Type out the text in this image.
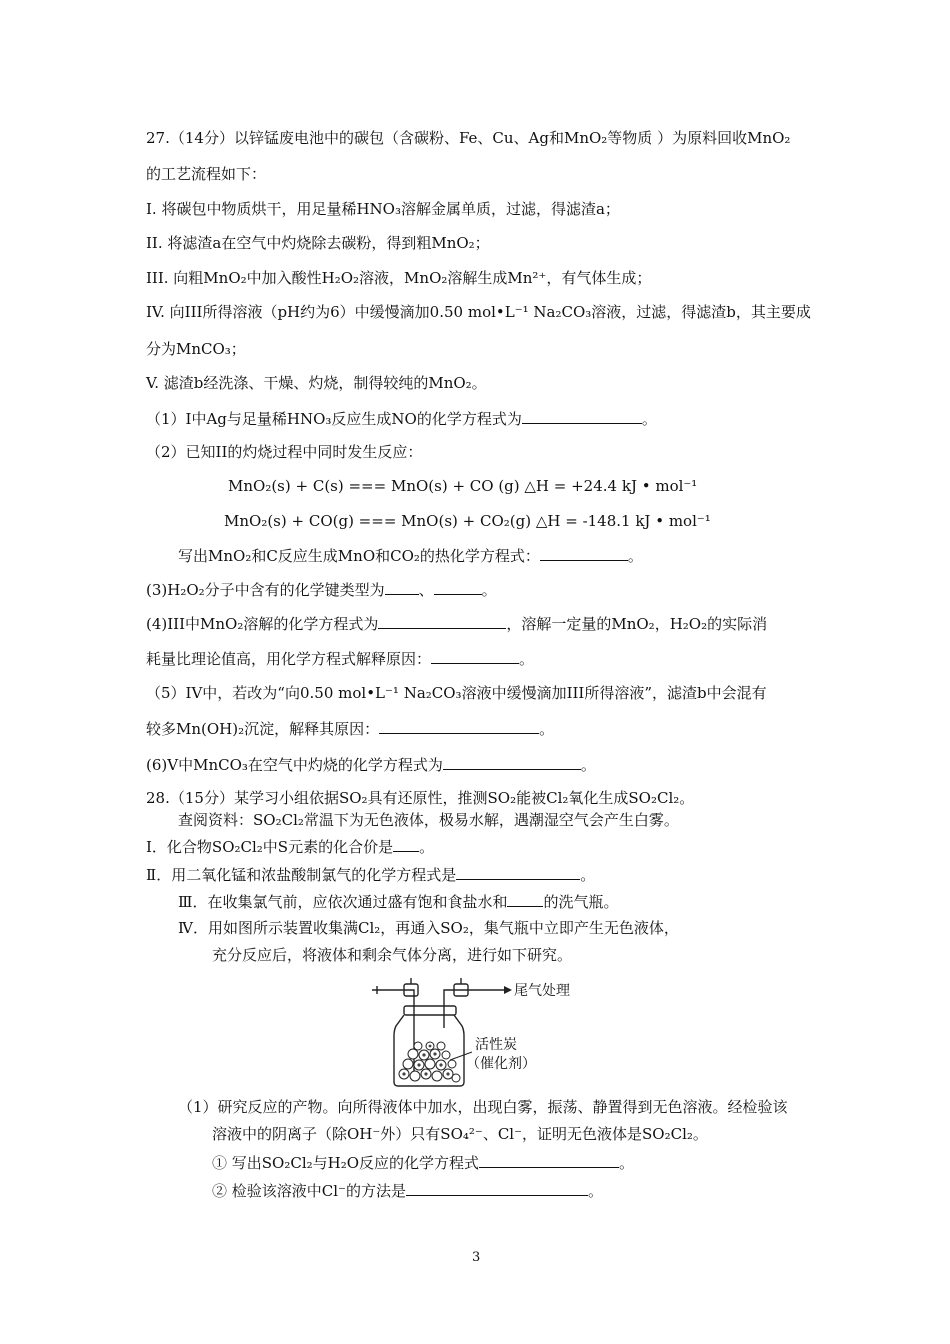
27.（14分）以锌锰废电池中的碳包（含碳粉、Fe、Cu、Ag和MnO₂等物质 ）为原料回收MnO₂
的工艺流程如下：
I. 将碳包中物质烘干，用足量稀HNO₃溶解金属单质，过滤，得滤渣a；
II. 将滤渣a在空气中灼烧除去碳粉，得到粗MnO₂；
III. 向粗MnO₂中加入酸性H₂O₂溶液，MnO₂溶解生成Mn²⁺，有气体生成；
IV. 向III所得溶液（pH约为6）中缓慢滴加0.50 mol•L⁻¹ Na₂CO₃溶液，过滤，得滤渣b，其主要成
分为MnCO₃；
V. 滤渣b经洗涤、干燥、灼烧，制得较纯的MnO₂。
（1）I中Ag与足量稀HNO₃反应生成NO的化学方程式为	。
（2）已知II的灼烧过程中同时发生反应：
MnO₂(s) + C(s) === MnO(s) + CO (g) △H = +24.4 kJ • mol⁻¹
MnO₂(s) + CO(g) === MnO(s) + CO₂(g) △H = -148.1 kJ • mol⁻¹
写出MnO₂和C反应生成MnO和CO₂的热化学方程式：	。
(3)H₂O₂分子中含有的化学键类型为 、	。
(4)III中MnO₂溶解的化学方程式为	，溶解一定量的MnO₂，H₂O₂的实际消
耗量比理论值高，用化学方程式解释原因：	。
（5）IV中，若改为“向0.50 mol•L⁻¹ Na₂CO₃溶液中缓慢滴加III所得溶液”，滤渣b中会混有
较多Mn(OH)₂沉淀，解释其原因：	。
(6)V中MnCO₃在空气中灼烧的化学方程式为	。
28.（15分）某学习小组依据SO₂具有还原性，推测SO₂能被Cl₂氧化生成SO₂Cl₂。
查阅资料：SO₂Cl₂常温下为无色液体，极易水解，遇潮湿空气会产生白雾。
I．化合物SO₂Cl₂中S元素的化合价是 。
Ⅱ．用二氧化锰和浓盐酸制氯气的化学方程式是	。
Ⅲ．在收集氯气前，应依次通过盛有饱和食盐水和 的洗气瓶。
Ⅳ．用如图所示装置收集满Cl₂，再通入SO₂，集气瓶中立即产生无色液体，
充分反应后，将液体和剩余气体分离，进行如下研究。
尾气处理
活性炭
（催化剂）
（1）研究反应的产物。向所得液体中加水，出现白雾，振荡、静置得到无色溶液。经检验该
溶液中的阴离子（除OH⁻外）只有SO₄²⁻、Cl⁻，证明无色液体是SO₂Cl₂。
① 写出SO₂Cl₂与H₂O反应的化学方程式	。
② 检验该溶液中Cl⁻的方法是	。
3
